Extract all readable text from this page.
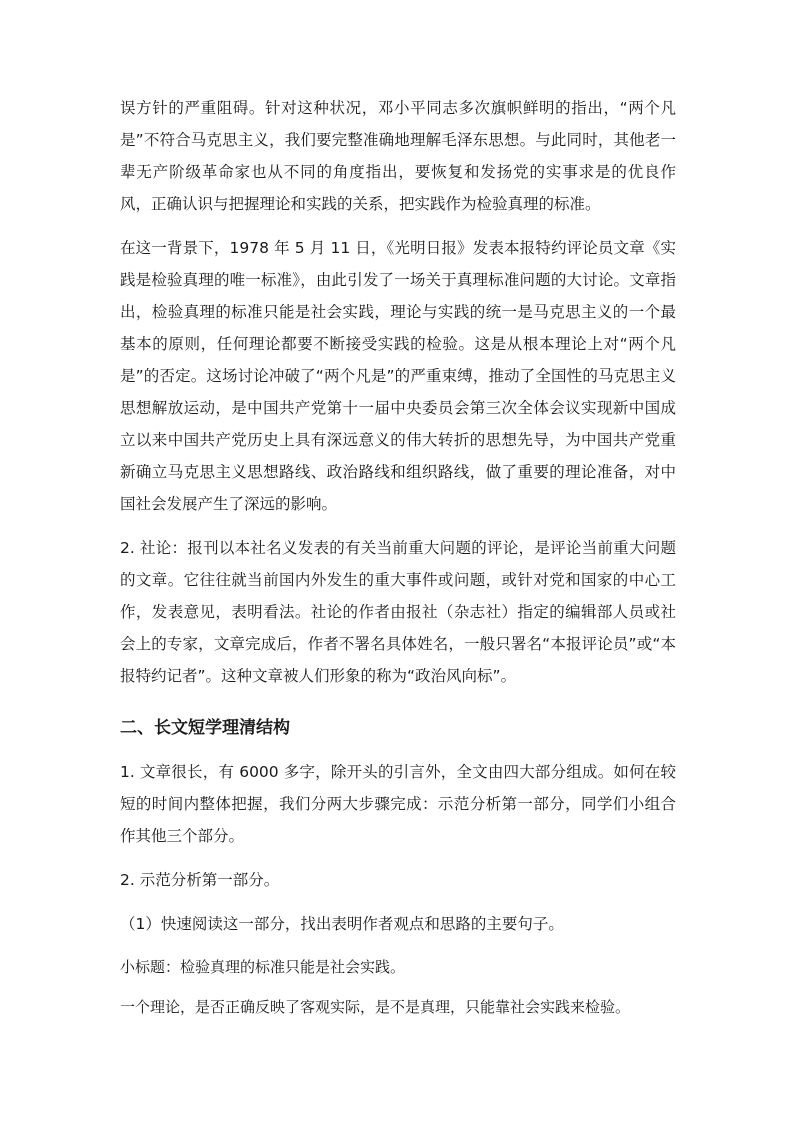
误方针的严重阻碍。针对这种状况，邓小平同志多次旗帜鲜明的指出，“两个凡是”不符合马克思主义，我们要完整准确地理解毛泽东思想。与此同时，其他老一辈无产阶级革命家也从不同的角度指出，要恢复和发扬党的实事求是的优良作风，正确认识与把握理论和实践的关系，把实践作为检验真理的标准。

在这一背景下，1978 年 5 月 11 日，《光明日报》发表本报特约评论员文章《实践是检验真理的唯一标准》，由此引发了一场关于真理标准问题的大讨论。文章指出，检验真理的标准只能是社会实践，理论与实践的统一是马克思主义的一个最基本的原则，任何理论都要不断接受实践的检验。这是从根本理论上对“两个凡是”的否定。这场讨论冲破了“两个凡是”的严重束缚，推动了全国性的马克思主义思想解放运动，是中国共产党第十一届中央委员会第三次全体会议实现新中国成立以来中国共产党历史上具有深远意义的伟大转折的思想先导，为中国共产党重新确立马克思主义思想路线、政治路线和组织路线，做了重要的理论准备，对中国社会发展产生了深远的影响。

2. 社论：报刊以本社名义发表的有关当前重大问题的评论，是评论当前重大问题的文章。它往往就当前国内外发生的重大事件或问题，或针对党和国家的中心工作，发表意见，表明看法。社论的作者由报社（杂志社）指定的编辑部人员或社会上的专家，文章完成后，作者不署名具体姓名，一般只署名“本报评论员”或“本报特约记者”。这种文章被人们形象的称为“政治风向标”。

二、长文短学理清结构

1. 文章很长，有 6000 多字，除开头的引言外，全文由四大部分组成。如何在较短的时间内整体把握，我们分两大步骤完成：示范分析第一部分，同学们小组合作其他三个部分。

2. 示范分析第一部分。

（1）快速阅读这一部分，找出表明作者观点和思路的主要句子。

小标题：检验真理的标准只能是社会实践。

一个理论，是否正确反映了客观实际，是不是真理，只能靠社会实践来检验。
